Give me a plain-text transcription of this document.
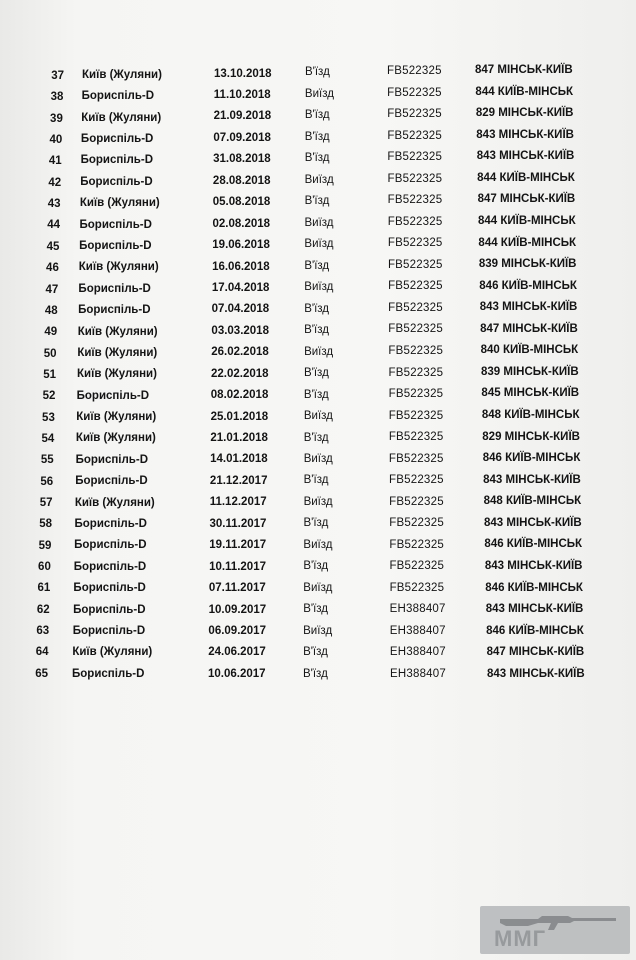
37 Київ (Жуляни)	13.10.2018	В'їзд	FB522325	847 МІНСЬК-КИЇВ
38 Бориспіль-D	11.10.2018	Виїзд	FB522325	844 КИЇВ-МІНСЬК
39 Київ (Жуляни)	21.09.2018	В'їзд	FB522325	829 МІНСЬК-КИЇВ
40 Бориспіль-D	07.09.2018	В'їзд	FB522325	843 МІНСЬК-КИЇВ
41 Бориспіль-D	31.08.2018	В'їзд	FB522325	843 МІНСЬК-КИЇВ
42 Бориспіль-D	28.08.2018	Виїзд	FB522325	844 КИЇВ-МІНСЬК
43 Київ (Жуляни)	05.08.2018	В'їзд	FB522325	847 МІНСЬК-КИЇВ
44 Бориспіль-D	02.08.2018	Виїзд	FB522325	844 КИЇВ-МІНСЬК
45 Бориспіль-D	19.06.2018	Виїзд	FB522325	844 КИЇВ-МІНСЬК
46 Київ (Жуляни)	16.06.2018	В'їзд	FB522325	839 МІНСЬК-КИЇВ
47 Бориспіль-D	17.04.2018	Виїзд	FB522325	846 КИЇВ-МІНСЬК
48 Бориспіль-D	07.04.2018	В'їзд	FB522325	843 МІНСЬК-КИЇВ
49 Київ (Жуляни)	03.03.2018	В'їзд	FB522325	847 МІНСЬК-КИЇВ
50 Київ (Жуляни)	26.02.2018	Виїзд	FB522325	840 КИЇВ-МІНСЬК
51 Київ (Жуляни)	22.02.2018	В'їзд	FB522325	839 МІНСЬК-КИЇВ
52 Бориспіль-D	08.02.2018	В'їзд	FB522325	845 МІНСЬК-КИЇВ
53 Київ (Жуляни)	25.01.2018	Виїзд	FB522325	848 КИЇВ-МІНСЬК
54 Київ (Жуляни)	21.01.2018	В'їзд	FB522325	829 МІНСЬК-КИЇВ
55 Бориспіль-D	14.01.2018	Виїзд	FB522325	846 КИЇВ-МІНСЬК
56 Бориспіль-D	21.12.2017	В'їзд	FB522325	843 МІНСЬК-КИЇВ
57 Київ (Жуляни)	11.12.2017	Виїзд	FB522325	848 КИЇВ-МІНСЬК
58 Бориспіль-D	30.11.2017	В'їзд	FB522325	843 МІНСЬК-КИЇВ
59 Бориспіль-D	19.11.2017	Виїзд	FB522325	846 КИЇВ-МІНСЬК
60 Бориспіль-D	10.11.2017	В'їзд	FB522325	843 МІНСЬК-КИЇВ
61 Бориспіль-D	07.11.2017	Виїзд	FB522325	846 КИЇВ-МІНСЬК
62 Бориспіль-D	10.09.2017	В'їзд	EH388407	843 МІНСЬК-КИЇВ
63 Бориспіль-D	06.09.2017	Виїзд	EH388407	846 КИЇВ-МІНСЬК
64 Київ (Жуляни)	24.06.2017	В'їзд	EH388407	847 МІНСЬК-КИЇВ
65 Бориспіль-D	10.06.2017	В'їзд	EH388407	843 МІНСЬК-КИЇВ
ММГ
